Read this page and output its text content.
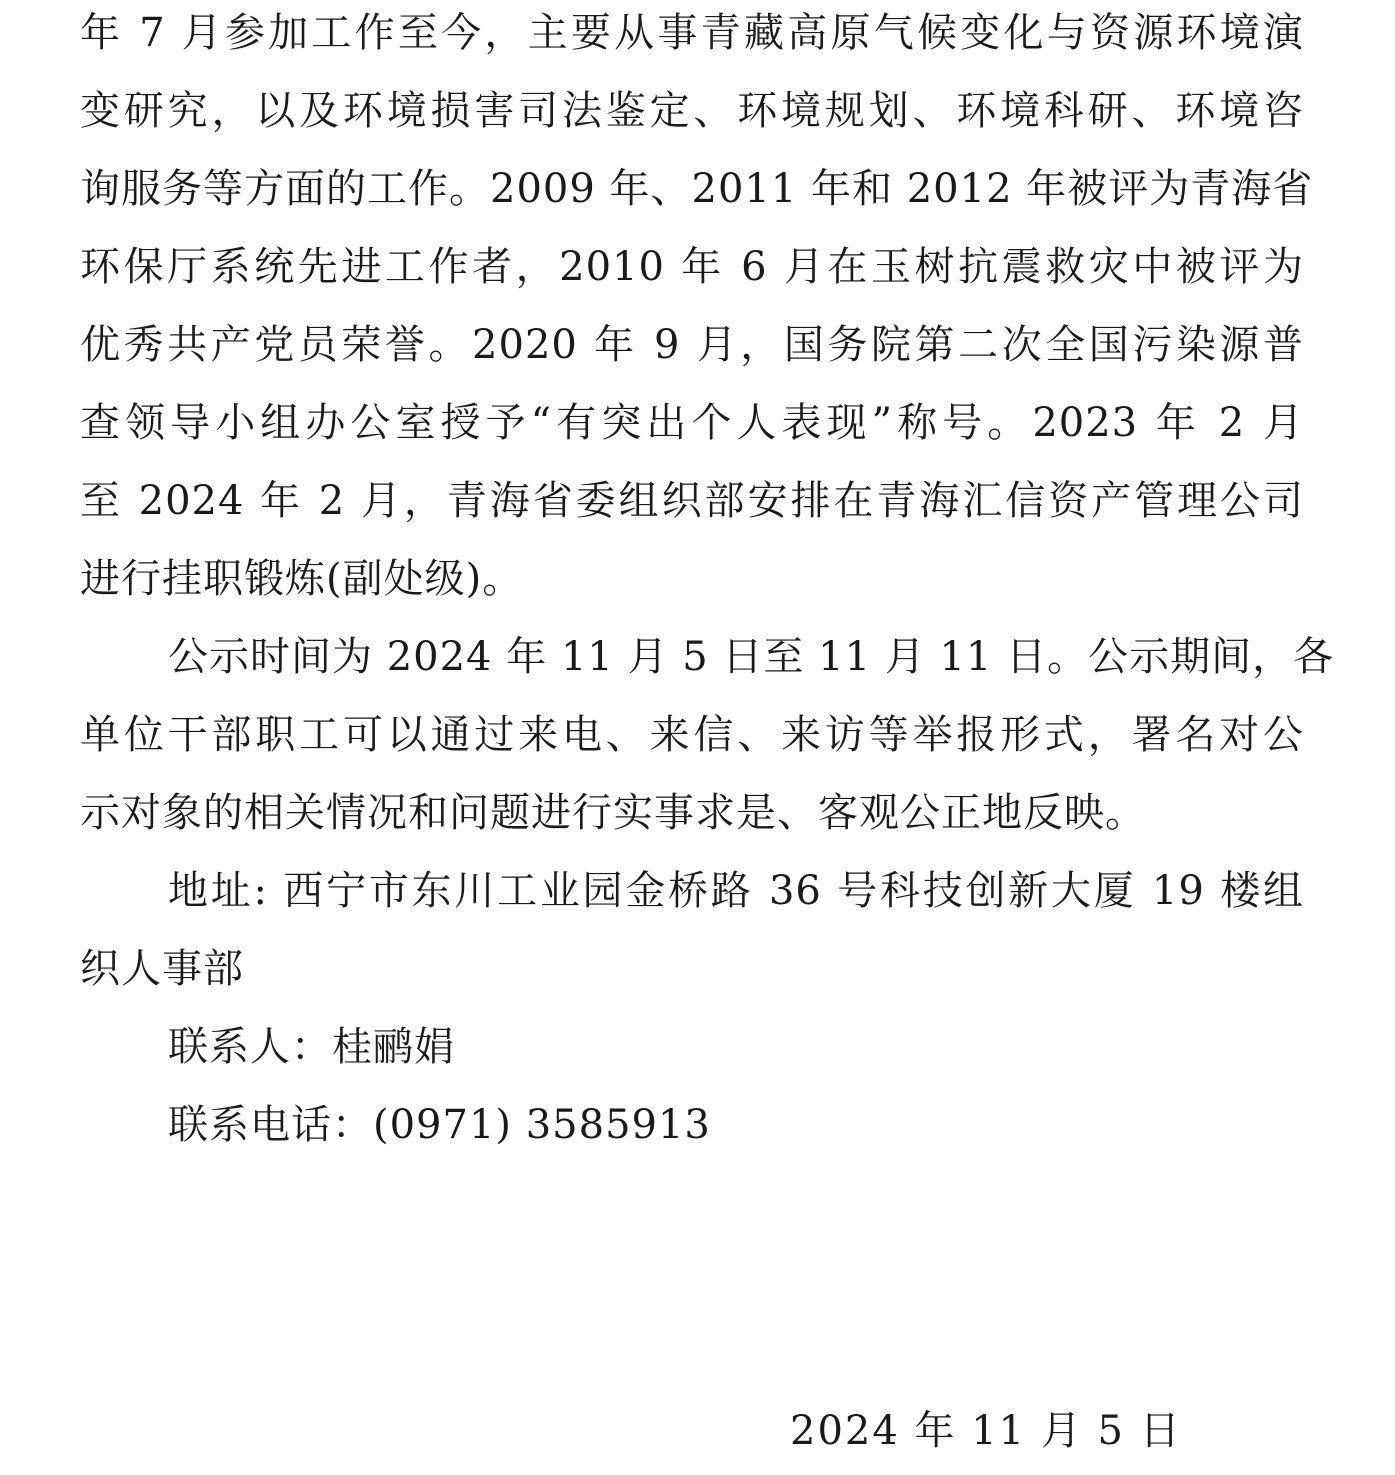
年 7 月参加工作至今，主要从事青藏高原气候变化与资源环境演
变研究，以及环境损害司法鉴定、环境规划、环境科研、环境咨
询服务等方面的工作。2009 年、2011 年和 2012 年被评为青海省
环保厅系统先进工作者，2010 年 6 月在玉树抗震救灾中被评为
优秀共产党员荣誉。2020 年 9 月，国务院第二次全国污染源普
查领导小组办公室授予“有突出个人表现”称号。2023 年 2 月
至 2024 年 2 月，青海省委组织部安排在青海汇信资产管理公司
进行挂职锻炼(副处级)。
公示时间为 2024 年 11 月 5 日至 11 月 11 日。公示期间，各
单位干部职工可以通过来电、来信、来访等举报形式，署名对公
示对象的相关情况和问题进行实事求是、客观公正地反映。
地址: 西宁市东川工业园金桥路 36 号科技创新大厦 19 楼组
织人事部
联系人：桂鹂娟
联系电话：(0971) 3585913
2024 年 11 月 5 日
